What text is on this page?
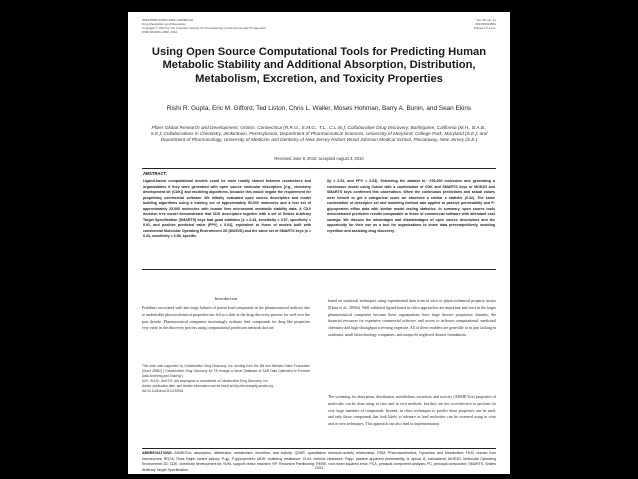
0090-9556/10/3811-2083–2090$20.00
Drug Metabolism and Disposition
Copyright © 2010 by The American Society for Pharmacology and Experimental Therapeutics
DMD 38:2083–2090, 2010
Vol. 38, No. 11
34918/3631561
Printed in U.S.A.
Using Open Source Computational Tools for Predicting Human Metabolic Stability and Additional Absorption, Distribution, Metabolism, Excretion, and Toxicity Properties
Rishi R. Gupta, Eric M. Gifford, Ted Liston, Chris L. Waller, Moses Hohman, Barry A. Bunin, and Sean Ekins
Pfizer Global Research and Development, Groton, Connecticut (R.R.G., E.M.G., T.L., C.L.W.); Collaborative Drug Discovery, Burlingame, California (M.H., B.A.B., S.E.); Collaborations in Chemistry, Jenkintown, Pennsylvania; Department of Pharmaceutical Sciences, University of Maryland, College Park, Maryland (S.E.); and Department of Pharmacology, University of Medicine and Dentistry of New Jersey-Robert Wood Johnson Medical School, Piscataway, New Jersey (S.E.)
Received June 9, 2010; accepted August 3, 2010
ABSTRACT:
Ligand-based computational models could be more readily shared between researchers and organizations if they were generated with open source molecular descriptors [e.g., chemistry development kit (CDK)] and modeling algorithms, because this would negate the requirement for proprietary commercial software. We initially evaluated open source descriptors and model building algorithms using a training set of approximately 50,000 molecules and a test set of approximately 25,000 molecules with human liver microsomal metabolic stability data. A C5.0 decision tree model demonstrated that CDK descriptors together with a set of Smiles Arbitrary Target Specification (SMARTS) keys had good statistics [κ = 0.43, sensitivity = 0.57, specificity = 0.91, and positive predicted value (PPV) = 0.64], equivalent to those of models built with commercial Molecular Operating Environment 2D (MOE2D) and the same set of SMARTS keys (κ = 0.43, sensitivity = 0.58, specific-
ity = 0.91, and PPV = 0.63). Extending the dataset to ~193,000 molecules and generating a continuous model using Cubist with a combination of CDK and SMARTS keys or MOE2D and SMARTS keys confirmed this observation. When the continuous predictions and actual values were binned to get a categorical score we observed a similar κ statistic (0.42). The same combination of descriptor set and modeling method was applied to passive permeability and P-glycoprotein efflux data with similar model testing statistics. In summary, open source tools demonstrated predictive results comparable to those of commercial software with attendant cost savings. We discuss the advantages and disadvantages of open source descriptors and the opportunity for their use as a tool for organizations to share data precompetitively, avoiding repetition and assisting drug discovery.
Introduction
Problems associated with late-stage failures of potent lead compounds in the pharmaceutical industry due to undesirable physicochemical properties has led to a shift in the drug discovery process for well over the past decade. Pharmaceutical companies increasingly evaluate lead compounds for drug-like properties very early in the discovery process using computational prediction methods that are
based on statistical techniques using experimental data from in vitro or physicochemical property assays (Ekins et al., 2000a). Well validated ligand-based in silico approaches are important and exist in the larger pharmaceutical companies because these organizations have large diverse proprietary datasets, the financial resources for expensive commercial software, and access to in-house computational, medicinal chemistry and high-throughput screening expertise. All of these enablers are generally or in part lacking in academia, small biotechnology companies, and nonprofit neglected disease foundations.
The screening for absorption, distribution, metabolism, excretion, and toxicity (ADME/Tox) properties of molecules can be done using in vitro and in vivo methods, but they are not cost-effective to perform for very large numbers of compounds. Instead, in silico techniques to predict these properties can be used, and only those compounds that look likely to advance as lead molecules can be screened using in vitro and in vivo techniques. This approach can also lead to implementation
This work was supported by Collaborative Drug Discovery, Inc. funding from the Bill and Melinda Gates Foundation [Grant 49852] ("Collaborative Drug Discovery for TB through a Novel Database of SAR Data Optimized to Promote Data Archiving and Sharing").
M.H., B.A.B., and S.E. are employees or consultants of Collaborative Drug Discovery, Inc.
Article, publication date, and citation information can be found at http://dmd.aspetjournals.org.
doi:10.1124/dmd.110.034918.
ABBREVIATIONS: ADME/Tox, absorption, distribution, metabolism, excretion, and toxicity; QSAR, quantitative structure-activity relationship; PDM, Pharmacokinetics, Dynamics and Metabolism; HLM, human liver microsomes; RRCK, Russ Ralph canine kidney; P-gp, P-glycoprotein; MDR, multidrug resistance; CLint, intrinsic clearance; Papp, passive apparent permeability; A, apical; B, basolateral; MOE2D, Molecular Operating Environment 2D; CDK, chemistry development kit; SVM, support vector machine; RP, Recursive Partitioning; RMSE, root mean squared error; PCA, principal component analysis; PC, principal component; SMARTS, Smiles Arbitrary Target Specification.	2083
